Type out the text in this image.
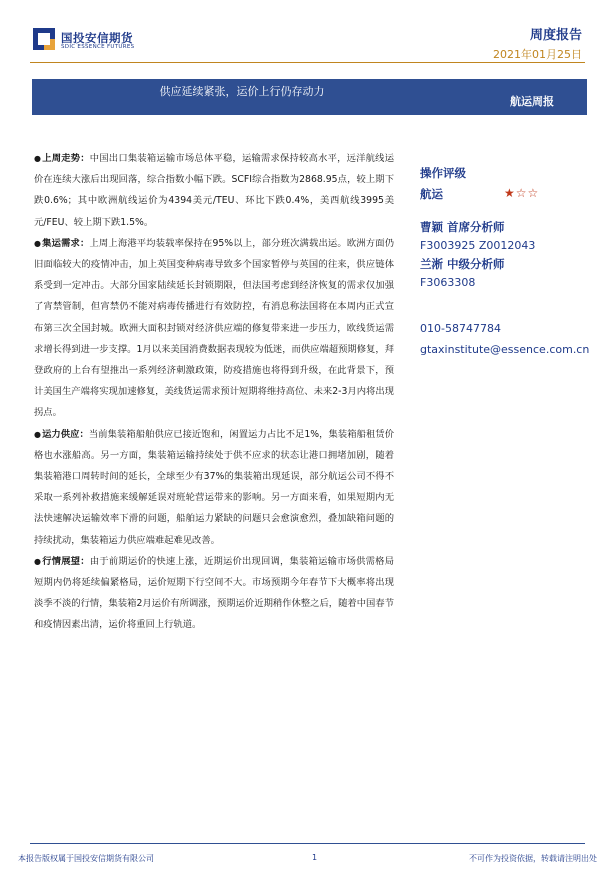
国投安信期货
SDIC ESSENCE FUTURES
周度报告
2021年01月25日
供应延续紧张，运价上行仍存动力
航运周报

●上周走势：中国出口集装箱运输市场总体平稳，运输需求保持较高水平，远洋航线运价在连续大涨后出现回落，综合指数小幅下跌。SCFI综合指数为2868.95点，较上期下跌0.6%；其中欧洲航线运价为4394美元/TEU、环比下跌0.4%，美西航线3995美元/FEU、较上期下跌1.5%。

●集运需求：上周上海港平均装载率保持在95%以上，部分班次满载出运。欧洲方面仍旧面临较大的疫情冲击，加上英国变种病毒导致多个国家暂停与英国的往来，供应链体系受到一定冲击。大部分国家陆续延长封锁期限，但法国考虑到经济恢复的需求仅加强了宵禁管制，但宵禁仍不能对病毒传播进行有效防控，有消息称法国将在本周内正式宣布第三次全国封城。欧洲大面积封锁对经济供应端的修复带来进一步压力，欧线货运需求增长得到进一步支撑。1月以来美国消费数据表现较为低迷，而供应端超预期修复，拜登政府的上台有望推出一系列经济刺激政策，防疫措施也将得到升级，在此背景下，预计美国生产端将实现加速修复，美线货运需求预计短期将维持高位、未来2-3月内将出现拐点。

●运力供应：当前集装箱船舶供应已接近饱和，闲置运力占比不足1%，集装箱船租赁价格也水涨船高。另一方面，集装箱运输持续处于供不应求的状态让港口拥堵加剧，随着集装箱港口周转时间的延长，全球至少有37%的集装箱出现延误，部分航运公司不得不采取一系列补救措施来缓解延误对班轮营运带来的影响。另一方面来看，如果短期内无法快速解决运输效率下滑的问题，船舶运力紧缺的问题只会愈演愈烈，叠加缺箱问题的持续扰动，集装箱运力供应端难起难见改善。

●行情展望：由于前期运价的快速上涨，近期运价出现回调，集装箱运输市场供需格局短期内仍将延续偏紧格局，运价短期下行空间不大。市场预期今年春节下大概率将出现淡季不淡的行情，集装箱2月运价有所调涨，预期运价近期稍作休整之后，随着中国春节和疫情因素出清，运价将重回上行轨道。

操作评级
航运	★☆☆
曹颖 首席分析师
F3003925 Z0012043
兰淅 中级分析师
F3063308
010-58747784
gtaxinstitute@essence.com.cn
本报告版权属于国投安信期货有限公司	1	不可作为投资依据，转载请注明出处
